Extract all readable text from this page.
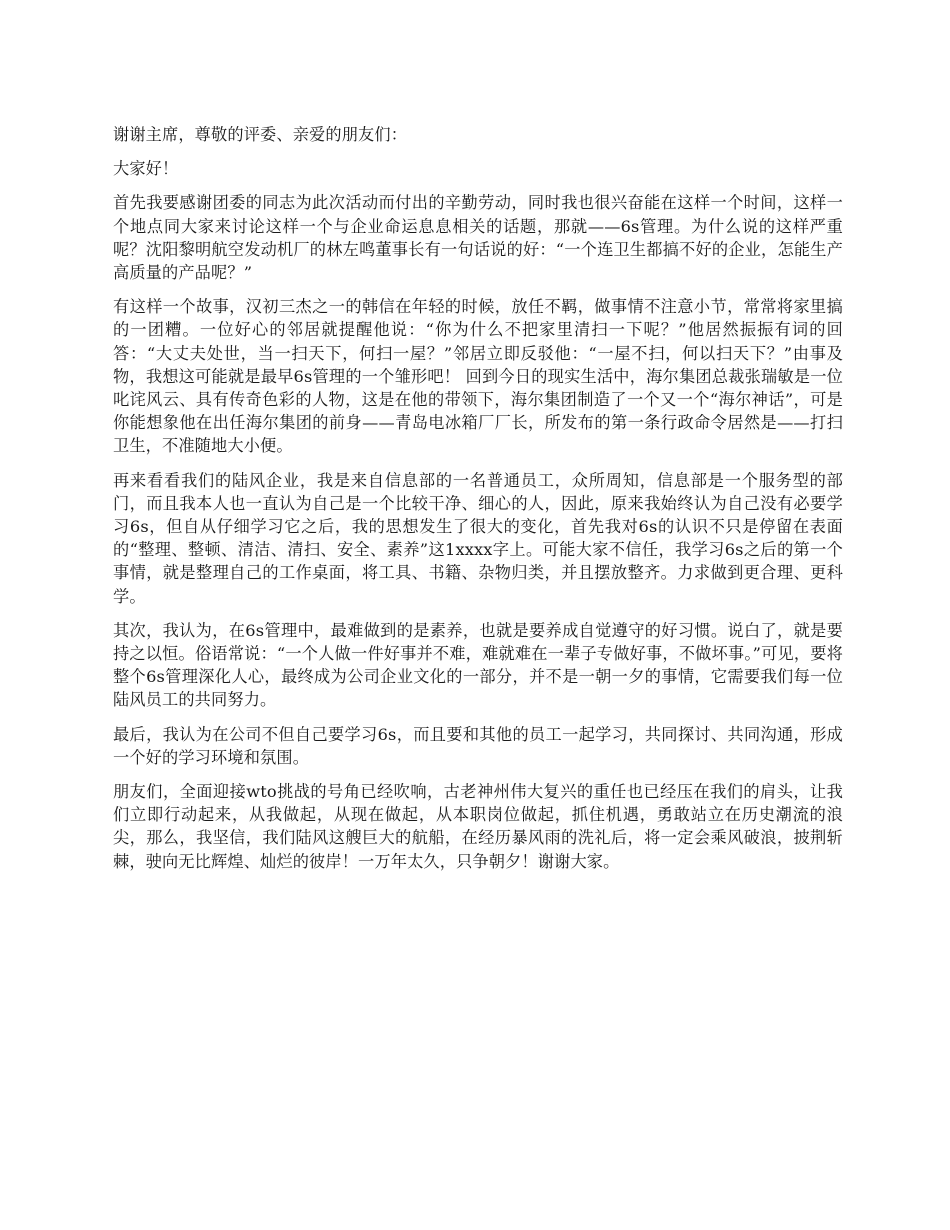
谢谢主席，尊敬的评委、亲爱的朋友们：

大家好！

首先我要感谢团委的同志为此次活动而付出的辛勤劳动，同时我也很兴奋能在这样一个时间，这样一个地点同大家来讨论这样一个与企业命运息息相关的话题，那就——6s管理。为什么说的这样严重呢？沈阳黎明航空发动机厂的林左鸣董事长有一句话说的好：“一个连卫生都搞不好的企业，怎能生产高质量的产品呢？”

有这样一个故事，汉初三杰之一的韩信在年轻的时候，放任不羁，做事情不注意小节，常常将家里搞的一团糟。一位好心的邻居就提醒他说：“你为什么不把家里清扫一下呢？”他居然振振有词的回答：“大丈夫处世，当一扫天下，何扫一屋？”邻居立即反驳他：“一屋不扫，何以扫天下？”由事及物，我想这可能就是最早6s管理的一个雏形吧！ 回到今日的现实生活中，海尔集团总裁张瑞敏是一位叱诧风云、具有传奇色彩的人物，这是在他的带领下，海尔集团制造了一个又一个“海尔神话”，可是你能想象他在出任海尔集团的前身——青岛电冰箱厂厂长，所发布的第一条行政命令居然是——打扫卫生，不准随地大小便。

再来看看我们的陆风企业，我是来自信息部的一名普通员工，众所周知，信息部是一个服务型的部门，而且我本人也一直认为自己是一个比较干净、细心的人，因此，原来我始终认为自己没有必要学习6s，但自从仔细学习它之后，我的思想发生了很大的变化，首先我对6s的认识不只是停留在表面的“整理、整顿、清洁、清扫、安全、素养”这1xxxx字上。可能大家不信任，我学习6s之后的第一个事情，就是整理自己的工作桌面，将工具、书籍、杂物归类，并且摆放整齐。力求做到更合理、更科学。

其次，我认为，在6s管理中，最难做到的是素养，也就是要养成自觉遵守的好习惯。说白了，就是要持之以恒。俗语常说：“一个人做一件好事并不难，难就难在一辈子专做好事，不做坏事。”可见，要将整个6s管理深化人心，最终成为公司企业文化的一部分，并不是一朝一夕的事情，它需要我们每一位陆风员工的共同努力。

最后，我认为在公司不但自己要学习6s，而且要和其他的员工一起学习，共同探讨、共同沟通，形成一个好的学习环境和氛围。

朋友们，全面迎接wto挑战的号角已经吹响，古老神州伟大复兴的重任也已经压在我们的肩头，让我们立即行动起来，从我做起，从现在做起，从本职岗位做起，抓住机遇，勇敢站立在历史潮流的浪尖，那么，我坚信，我们陆风这艘巨大的航船，在经历暴风雨的洗礼后，将一定会乘风破浪，披荆斩棘，驶向无比辉煌、灿烂的彼岸！一万年太久，只争朝夕！谢谢大家。
